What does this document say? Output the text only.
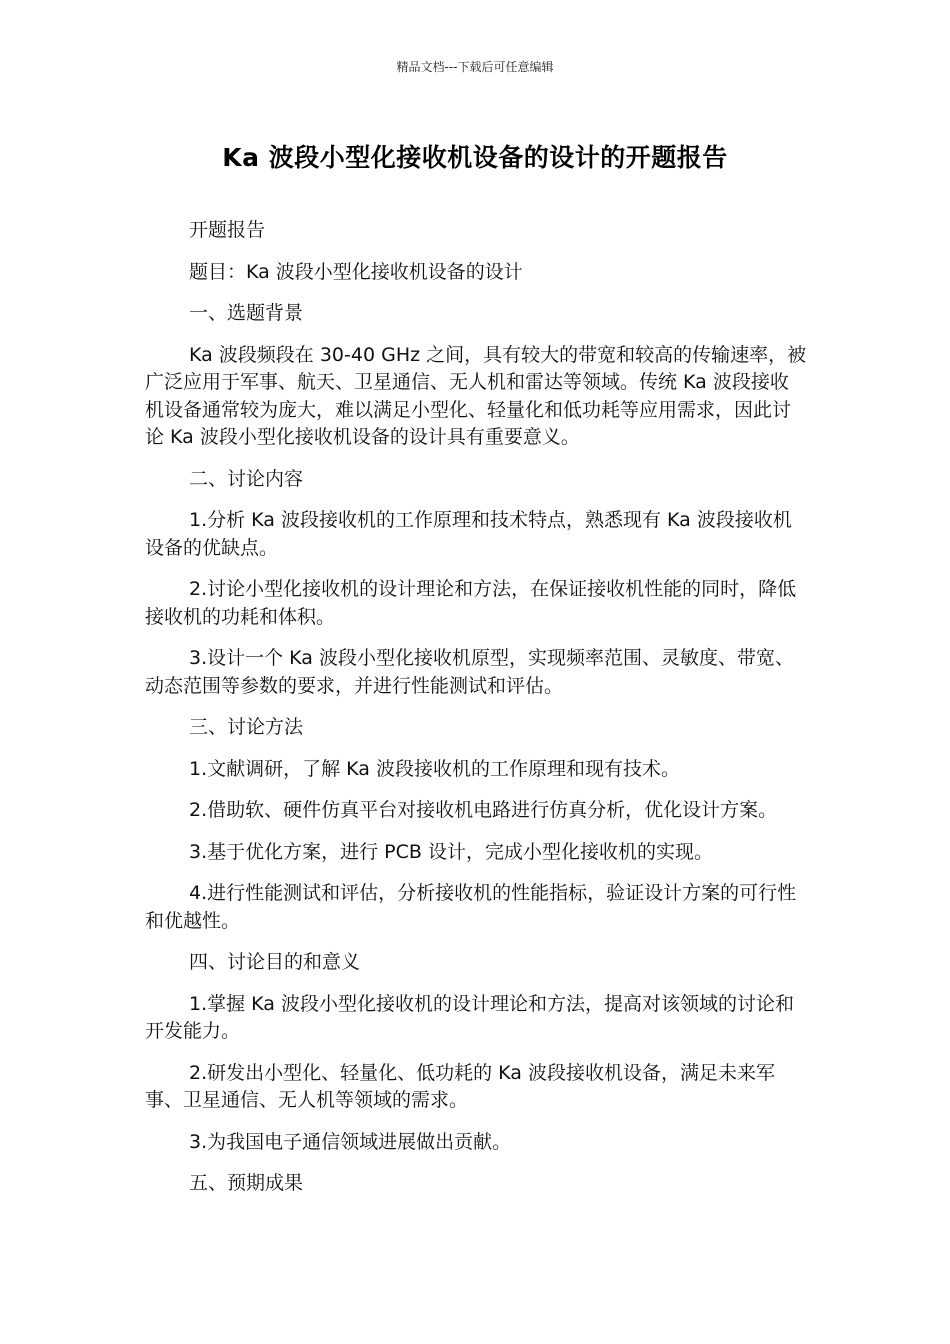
精品文档---下载后可任意编辑
Ka 波段小型化接收机设备的设计的开题报告

开题报告

题目：Ka 波段小型化接收机设备的设计

一、选题背景

Ka 波段频段在 30-40 GHz 之间，具有较大的带宽和较高的传输速率，被广泛应用于军事、航天、卫星通信、无人机和雷达等领域。传统 Ka 波段接收机设备通常较为庞大，难以满足小型化、轻量化和低功耗等应用需求，因此讨论 Ka 波段小型化接收机设备的设计具有重要意义。

二、讨论内容

1.分析 Ka 波段接收机的工作原理和技术特点，熟悉现有 Ka 波段接收机设备的优缺点。

2.讨论小型化接收机的设计理论和方法，在保证接收机性能的同时，降低接收机的功耗和体积。

3.设计一个 Ka 波段小型化接收机原型，实现频率范围、灵敏度、带宽、动态范围等参数的要求，并进行性能测试和评估。

三、讨论方法

1.文献调研，了解 Ka 波段接收机的工作原理和现有技术。

2.借助软、硬件仿真平台对接收机电路进行仿真分析，优化设计方案。

3.基于优化方案，进行 PCB 设计，完成小型化接收机的实现。

4.进行性能测试和评估，分析接收机的性能指标，验证设计方案的可行性和优越性。

四、讨论目的和意义

1.掌握 Ka 波段小型化接收机的设计理论和方法，提高对该领域的讨论和开发能力。

2.研发出小型化、轻量化、低功耗的 Ka 波段接收机设备，满足未来军事、卫星通信、无人机等领域的需求。

3.为我国电子通信领域进展做出贡献。

五、预期成果
